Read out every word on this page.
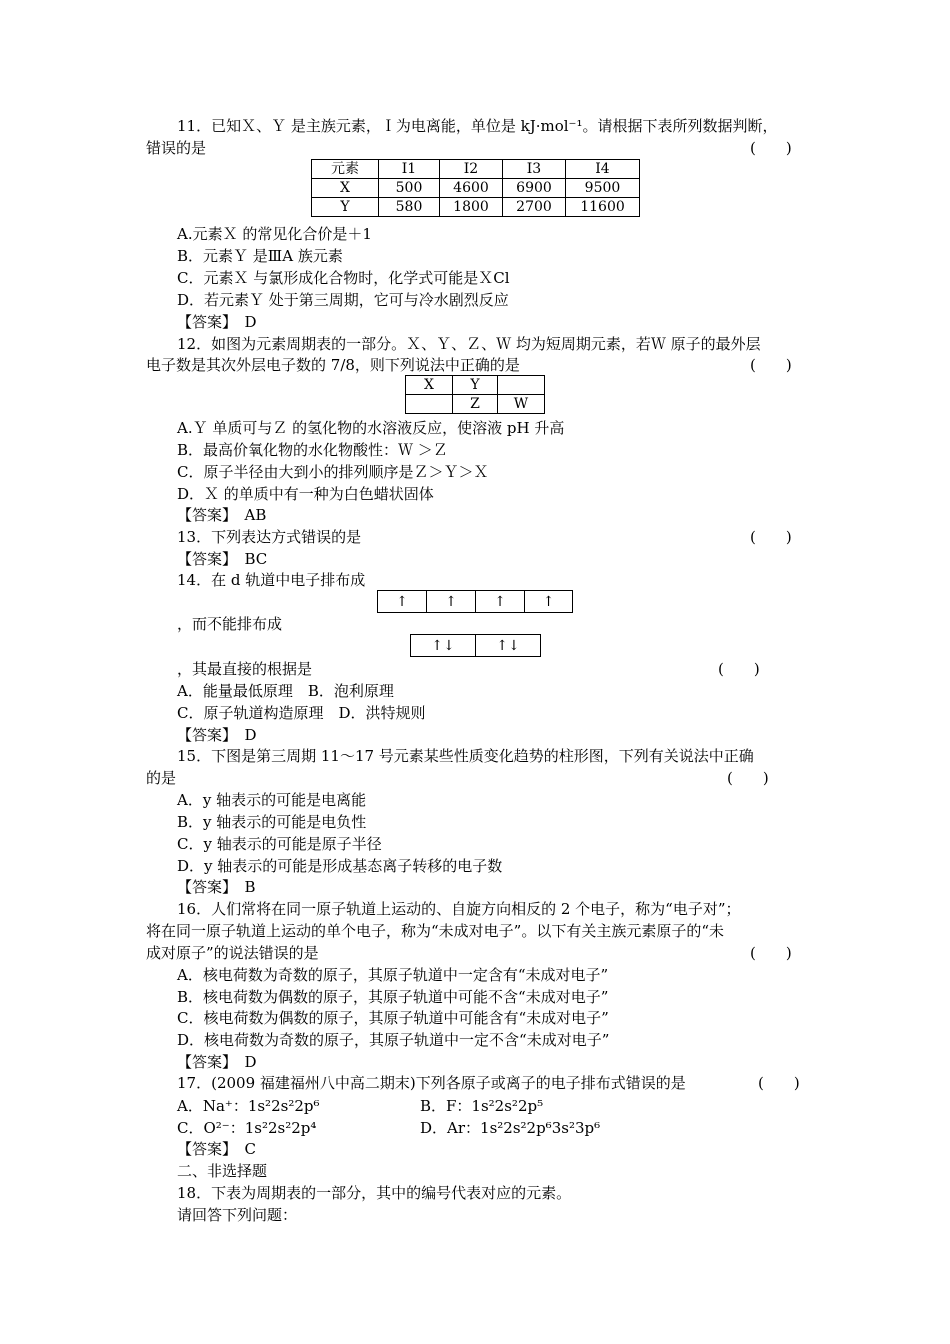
11．已知Ｘ、Ｙ 是主族元素，Ｉ为电离能，单位是 kJ·mol⁻¹。请根据下表所列数据判断，
错误的是	(　　)
元素	I1	I2	I3	I4
X	500	4600	6900	9500
Y	580	1800	2700	11600
A.元素Ｘ 的常见化合价是＋1
B．元素Ｙ 是ⅢA 族元素
C．元素Ｘ 与氯形成化合物时，化学式可能是ＸCl
D．若元素Ｙ 处于第三周期，它可与冷水剧烈反应
【答案】　D
12．如图为元素周期表的一部分。Ｘ、Ｙ、Ｚ、Ｗ 均为短周期元素，若Ｗ 原子的最外层
电子数是其次外层电子数的 7/8，则下列说法中正确的是	(　　)
X	Y	
	Z	W
A.Ｙ 单质可与Ｚ 的氢化物的水溶液反应，使溶液 pH 升高
B．最高价氧化物的水化物酸性：Ｗ ＞Ｚ
C．原子半径由大到小的排列顺序是Ｚ＞Ｙ＞Ｘ
D．Ｘ 的单质中有一种为白色蜡状固体
【答案】　AB
13．下列表达方式错误的是	(　　)
【答案】　BC
14．在 d 轨道中电子排布成
↑	↑	↑	↑
，而不能排布成
↑↓	↑↓
，其最直接的根据是	(　　)
A．能量最低原理　B．泡利原理
C．原子轨道构造原理　D．洪特规则
【答案】　D
15．下图是第三周期 11～17 号元素某些性质变化趋势的柱形图，下列有关说法中正确
的是	(　　)
A．y 轴表示的可能是电离能
B．y 轴表示的可能是电负性
C．y 轴表示的可能是原子半径
D．y 轴表示的可能是形成基态离子转移的电子数
【答案】　B
16．人们常将在同一原子轨道上运动的、自旋方向相反的 2 个电子，称为“电子对”；
将在同一原子轨道上运动的单个电子，称为“未成对电子”。以下有关主族元素原子的“未
成对原子”的说法错误的是	(　　)
A．核电荷数为奇数的原子，其原子轨道中一定含有“未成对电子”
B．核电荷数为偶数的原子，其原子轨道中可能不含“未成对电子”
C．核电荷数为偶数的原子，其原子轨道中可能含有“未成对电子”
D．核电荷数为奇数的原子，其原子轨道中一定不含“未成对电子”
【答案】　D
17．(2009 福建福州八中高二期末)下列各原子或离子的电子排布式错误的是	(　　)
A．Na⁺：1s²2s²2p⁶	B．F：1s²2s²2p⁵
C．O²⁻：1s²2s²2p⁴	D．Ar：1s²2s²2p⁶3s²3p⁶
【答案】　C
二、非选择题
18．下表为周期表的一部分，其中的编号代表对应的元素。
请回答下列问题：
